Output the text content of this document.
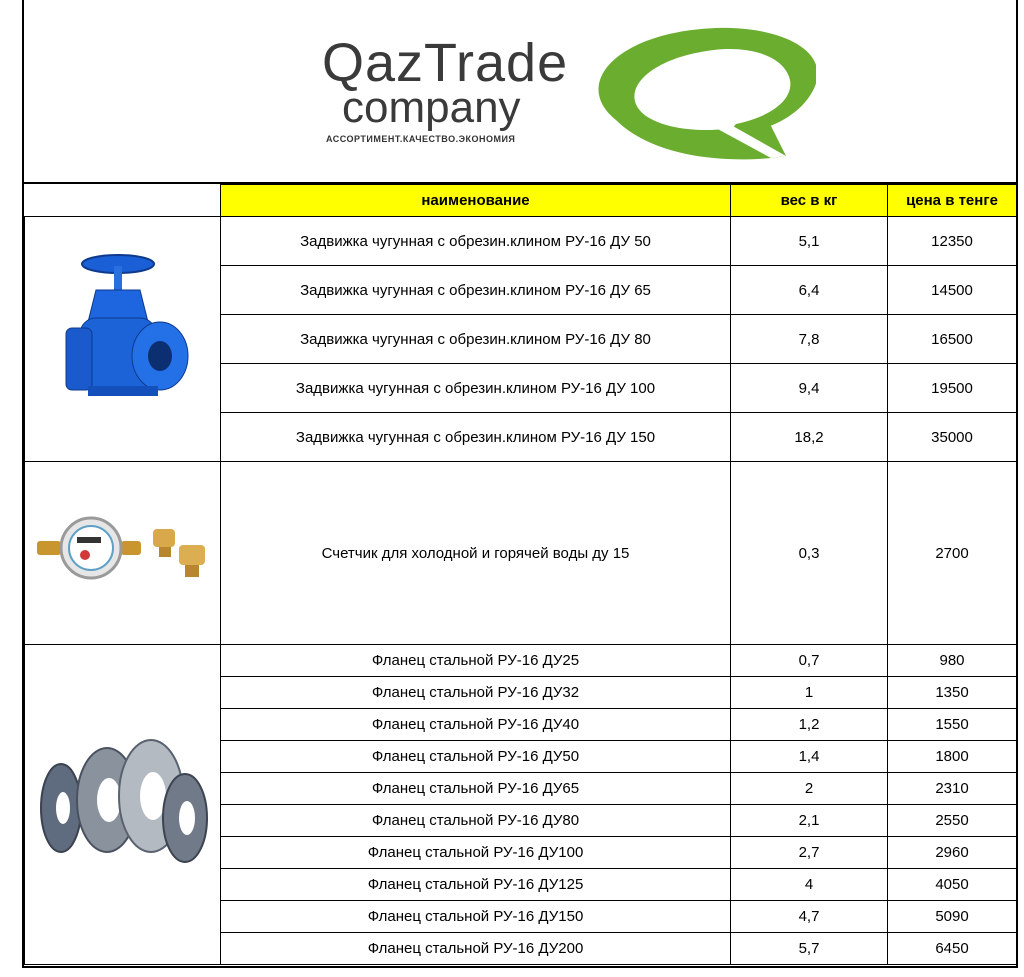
QazTrade
company
АССОРТИМЕНТ.КАЧЕСТВО.ЭКОНОМИЯ
	наименование	вес в кг	цена в тенге
	Задвижка чугунная с обрезин.клином РУ-16 ДУ 50	5,1	12350
	Задвижка чугунная с обрезин.клином РУ-16 ДУ 65	6,4	14500
	Задвижка чугунная с обрезин.клином РУ-16 ДУ 80	7,8	16500
	Задвижка чугунная с обрезин.клином РУ-16 ДУ 100	9,4	19500
	Задвижка чугунная с обрезин.клином РУ-16 ДУ 150	18,2	35000
	Счетчик для холодной и горячей воды ду 15	0,3	2700
	Фланец стальной РУ-16 ДУ25	0,7	980
	Фланец стальной РУ-16 ДУ32	1	1350
	Фланец стальной РУ-16 ДУ40	1,2	1550
	Фланец стальной РУ-16 ДУ50	1,4	1800
	Фланец стальной РУ-16 ДУ65	2	2310
	Фланец стальной РУ-16 ДУ80	2,1	2550
	Фланец стальной РУ-16 ДУ100	2,7	2960
	Фланец стальной РУ-16 ДУ125	4	4050
	Фланец стальной РУ-16 ДУ150	4,7	5090
	Фланец стальной РУ-16 ДУ200	5,7	6450
